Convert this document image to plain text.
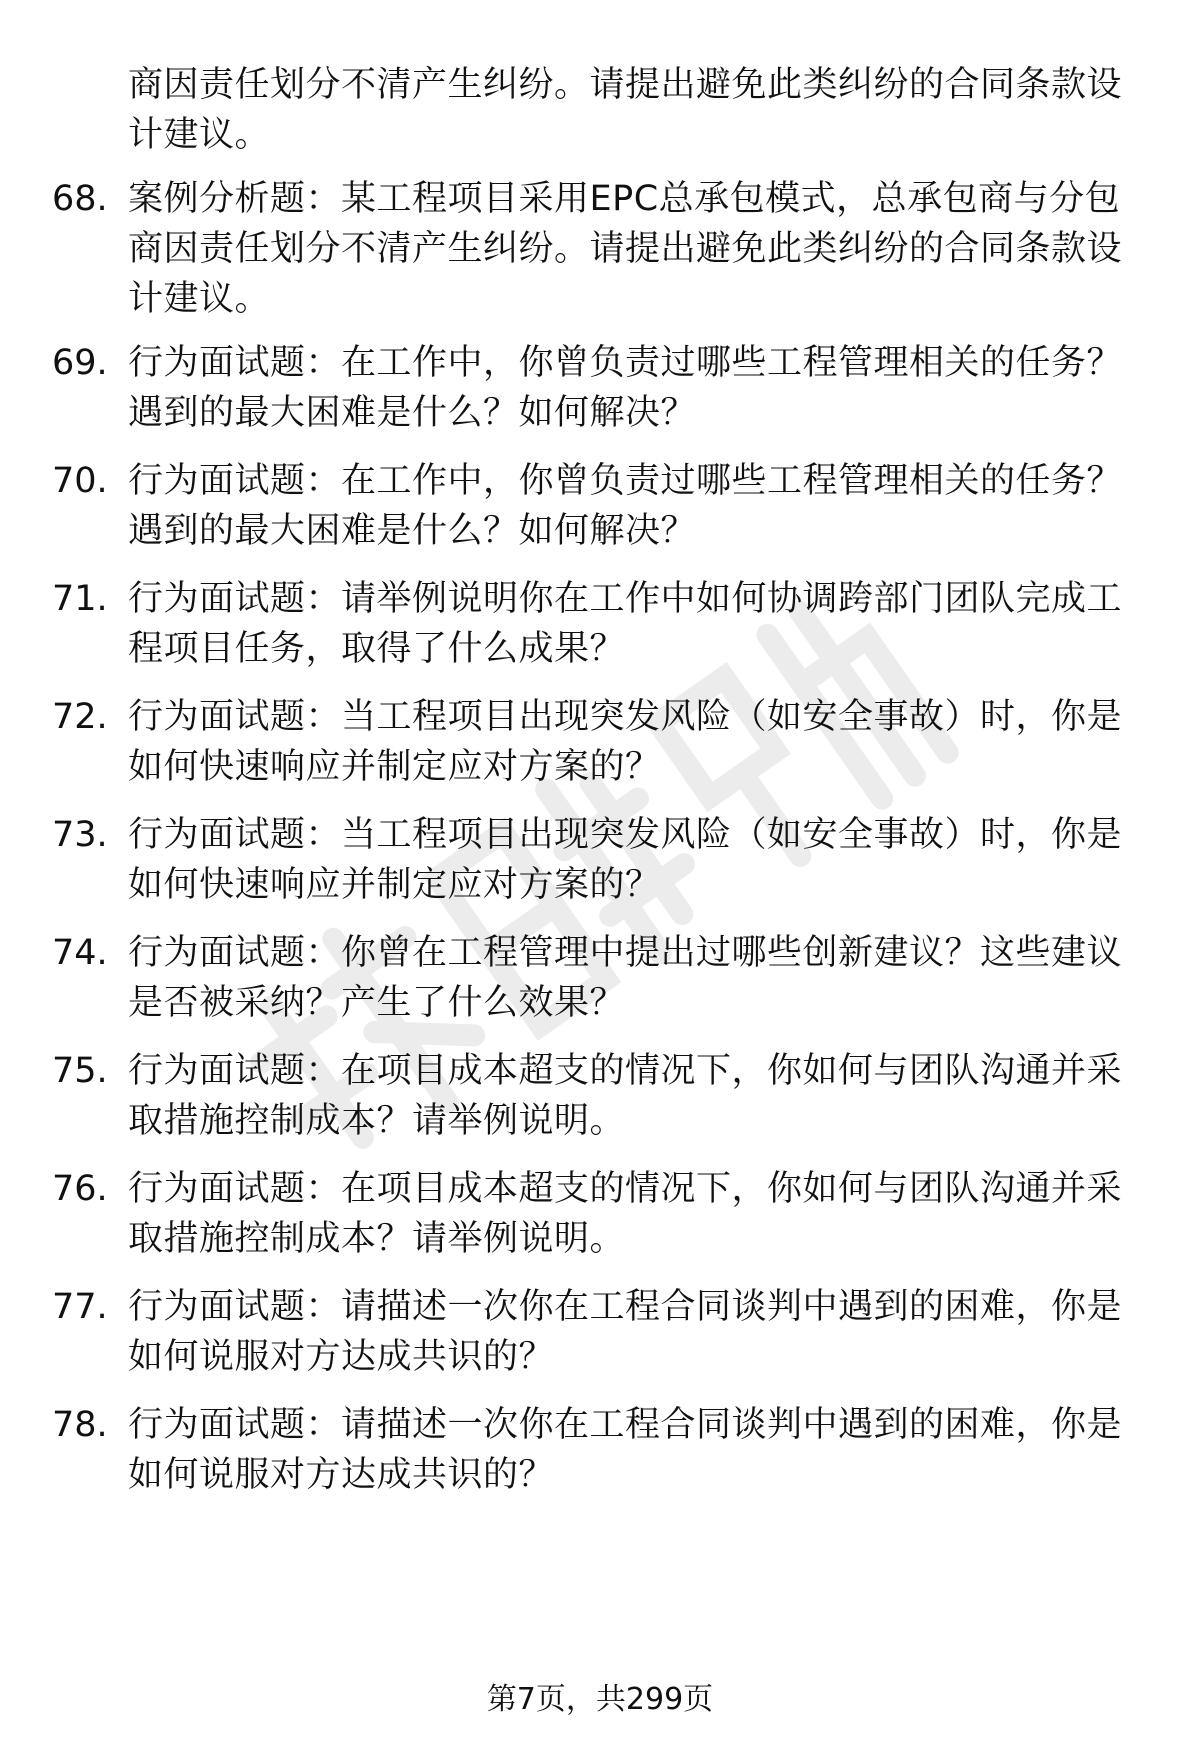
商因责任划分不清产生纠纷。请提出避免此类纠纷的合同条款设计建议。
68. 案例分析题：某工程项目采用EPC总承包模式，总承包商与分包商因责任划分不清产生纠纷。请提出避免此类纠纷的合同条款设计建议。
69. 行为面试题：在工作中，你曾负责过哪些工程管理相关的任务？遇到的最大困难是什么？如何解决？
70. 行为面试题：在工作中，你曾负责过哪些工程管理相关的任务？遇到的最大困难是什么？如何解决？
71. 行为面试题：请举例说明你在工作中如何协调跨部门团队完成工程项目任务，取得了什么成果？
72. 行为面试题：当工程项目出现突发风险（如安全事故）时，你是如何快速响应并制定应对方案的？
73. 行为面试题：当工程项目出现突发风险（如安全事故）时，你是如何快速响应并制定应对方案的？
74. 行为面试题：你曾在工程管理中提出过哪些创新建议？这些建议是否被采纳？产生了什么效果？
75. 行为面试题：在项目成本超支的情况下，你如何与团队沟通并采取措施控制成本？请举例说明。
76. 行为面试题：在项目成本超支的情况下，你如何与团队沟通并采取措施控制成本？请举例说明。
77. 行为面试题：请描述一次你在工程合同谈判中遇到的困难，你是如何说服对方达成共识的？
78. 行为面试题：请描述一次你在工程合同谈判中遇到的困难，你是如何说服对方达成共识的？
第7页，共299页
